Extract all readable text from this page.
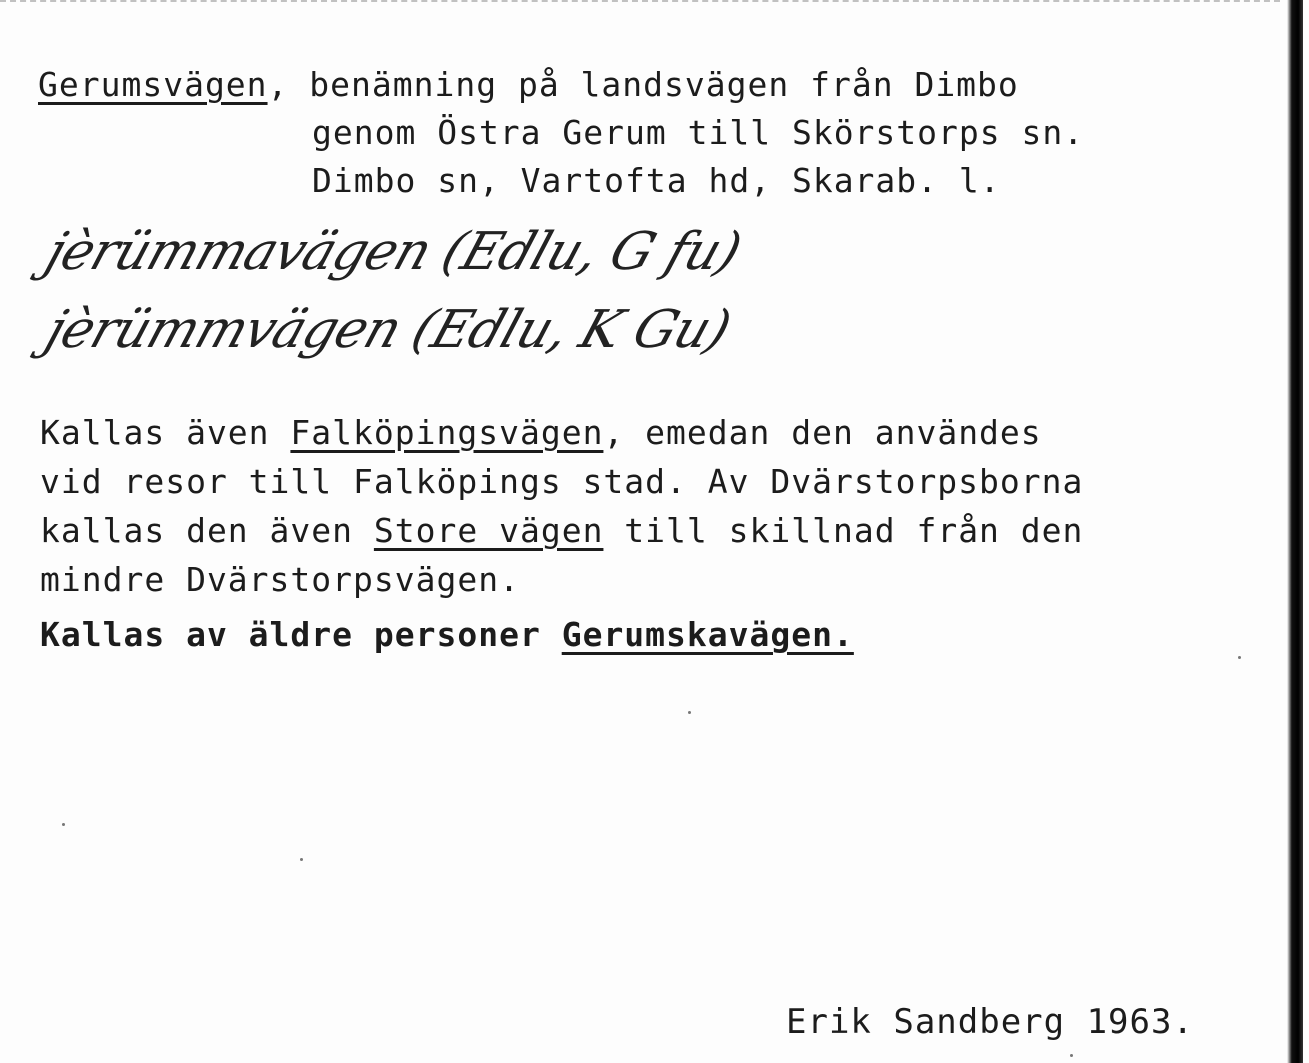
Gerumsvägen, benämning på landsvägen från Dimbo
genom Östra Gerum till Skörstorps sn.
Dimbo sn, Vartofta hd, Skarab. l.
jèrümmavägen (Edlu, G fu)
jèrümmvägen (Edlu, K Gu)
Kallas även Falköpingsvägen, emedan den användes
vid resor till Falköpings stad. Av Dvärstorpsborna
kallas den även Store vägen till skillnad från den
mindre Dvärstorpsvägen.
Kallas av äldre personer Gerumskavägen.
Erik Sandberg 1963.
